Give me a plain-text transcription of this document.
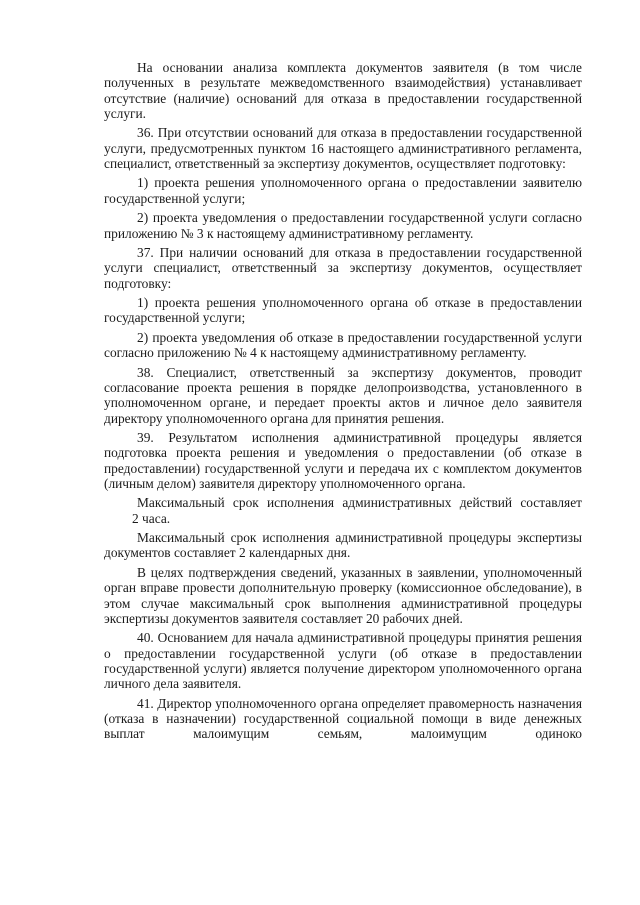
На основании анализа комплекта документов заявителя (в том числе полученных в результате межведомственного взаимодействия) устанавливает отсутствие (наличие) оснований для отказа в предоставлении государственной услуги.

36. При отсутствии оснований для отказа в предоставлении государственной услуги, предусмотренных пунктом 16 настоящего административного регламента, специалист, ответственный за экспертизу документов, осуществляет подготовку:

1) проекта решения уполномоченного органа о предоставлении заявителю государственной услуги;

2) проекта уведомления о предоставлении государственной услуги согласно приложению № 3 к настоящему административному регламенту.

37. При наличии оснований для отказа в предоставлении государственной услуги специалист, ответственный за экспертизу документов, осуществляет подготовку:

1) проекта решения уполномоченного органа об отказе в предоставлении государственной услуги;

2) проекта уведомления об отказе в предоставлении государственной услуги согласно приложению № 4 к настоящему административному регламенту.

38. Специалист, ответственный за экспертизу документов, проводит согласование проекта решения в порядке делопроизводства, установленного в уполномоченном органе, и передает проекты актов и личное дело заявителя директору уполномоченного органа для принятия решения.

39. Результатом исполнения административной процедуры является подготовка проекта решения и уведомления о предоставлении (об отказе в предоставлении) государственной услуги и передача их с комплектом документов (личным делом) заявителя директору уполномоченного органа.

Максимальный срок исполнения административных действий составляет2 часа.

Максимальный срок исполнения административной процедуры экспертизы документов составляет 2 календарных дня.

В целях подтверждения сведений, указанных в заявлении, уполномоченный орган вправе провести дополнительную проверку (комиссионное обследование), в этом случае максимальный срок выполнения административной процедуры экспертизы документов заявителя составляет 20 рабочих дней.

40. Основанием для начала административной процедуры принятия решения о предоставлении государственной услуги (об отказе в предоставлении государственной услуги) является получение директором уполномоченного органа личного дела заявителя.

41. Директор уполномоченного органа определяет правомерность назначения (отказа в назначении) государственной социальной помощи в виде денежных выплат малоимущим семьям, малоимущим одиноко
